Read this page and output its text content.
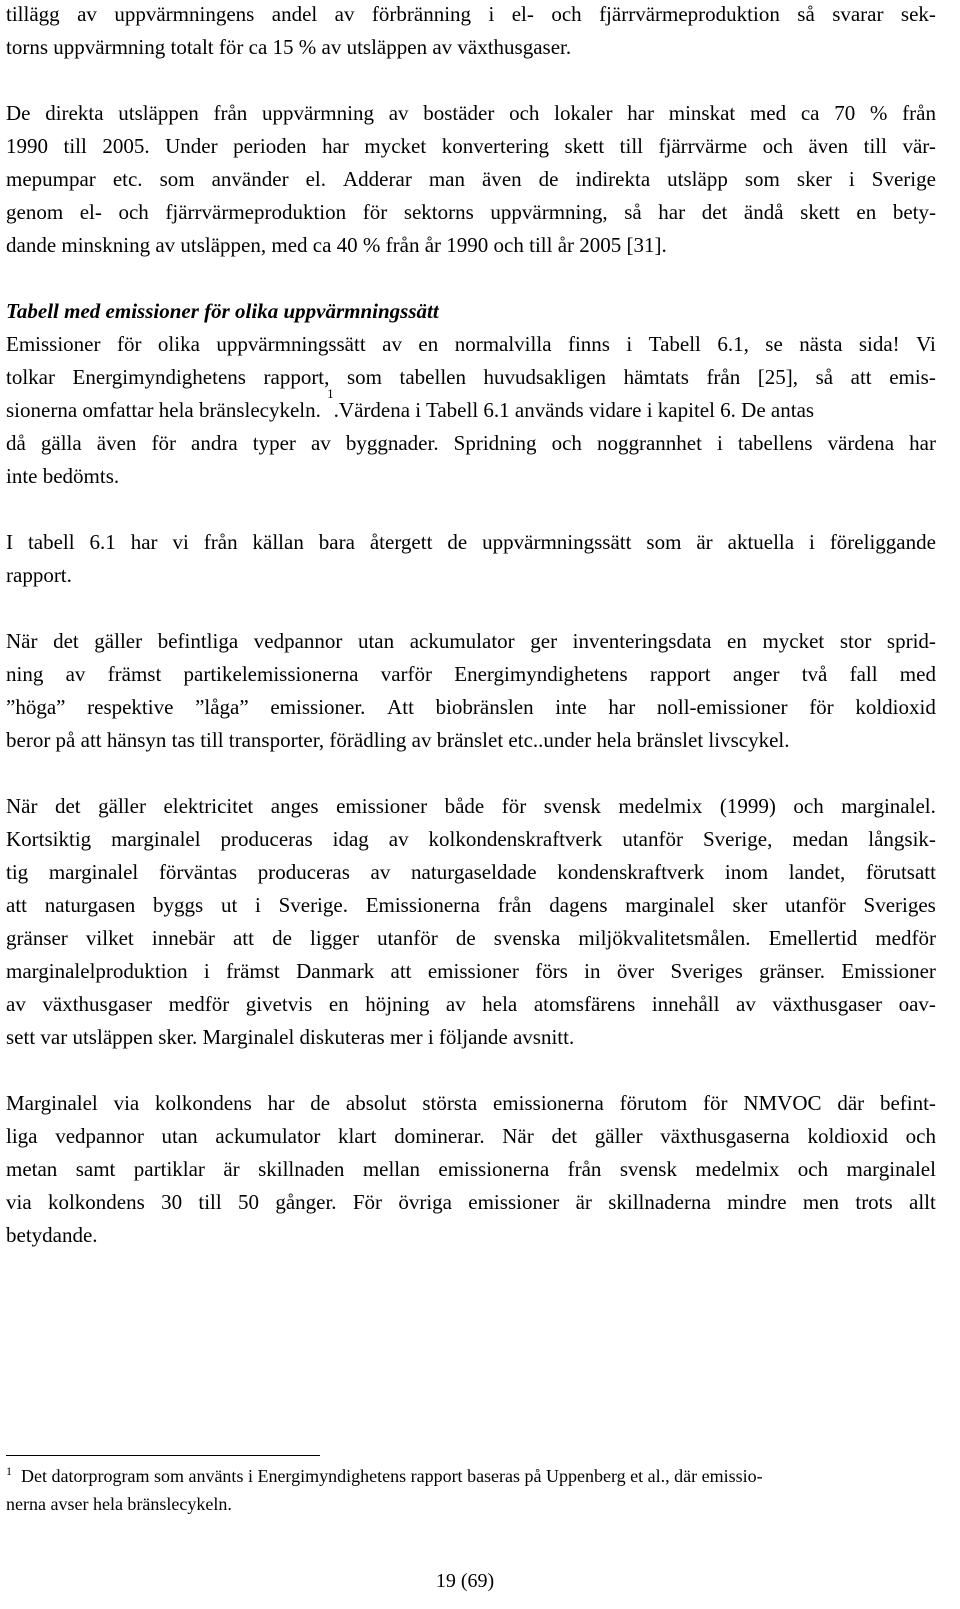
tillägg av uppvärmningens andel av förbränning i el- och fjärrvärmeproduktion så svarar sek-
torns uppvärmning totalt för ca 15 % av utsläppen av växthusgaser.
De direkta utsläppen från uppvärmning av bostäder och lokaler har minskat med ca 70 % från
1990 till 2005. Under perioden har mycket konvertering skett till fjärrvärme och även till vär-
mepumpar etc. som använder el. Adderar man även de indirekta utsläpp som sker i Sverige
genom el- och fjärrvärmeproduktion för sektorns uppvärmning, så har det ändå skett en bety-
dande minskning av utsläppen, med ca 40 % från år 1990 och till år 2005 [31].
Tabell med emissioner för olika uppvärmningssätt
Emissioner för olika uppvärmningssätt av en normalvilla finns i Tabell 6.1, se nästa sida! Vi
tolkar Energimyndighetens rapport, som tabellen huvudsakligen hämtats från [25], så att emis-
sionerna omfattar hela bränslecykeln.
1
.Värdena i Tabell 6.1 används vidare i kapitel 6. De antas
då gälla även för andra typer av byggnader. Spridning och noggrannhet i tabellens värdena har
inte bedömts.
I tabell 6.1 har vi från källan bara återgett de uppvärmningssätt som är aktuella i föreliggande
rapport.
När det gäller befintliga vedpannor utan ackumulator ger inventeringsdata en mycket stor sprid-
ning av främst partikelemissionerna varför Energimyndighetens rapport anger två fall med
”höga” respektive ”låga” emissioner. Att biobränslen inte har noll-emissioner för koldioxid
beror på att hänsyn tas till transporter, förädling av bränslet etc..under hela bränslet livscykel.
När det gäller elektricitet anges emissioner både för svensk medelmix (1999) och marginalel.
Kortsiktig marginalel produceras idag av kolkondenskraftverk utanför Sverige, medan långsik-
tig marginalel förväntas produceras av naturgaseldade kondenskraftverk inom landet, förutsatt
att naturgasen byggs ut i Sverige. Emissionerna från dagens marginalel sker utanför Sveriges
gränser vilket innebär att de ligger utanför de svenska miljökvalitetsmålen. Emellertid medför
marginalelproduktion i främst Danmark att emissioner förs in över Sveriges gränser. Emissioner
av växthusgaser medför givetvis en höjning av hela atomsfärens innehåll av växthusgaser oav-
sett var utsläppen sker. Marginalel diskuteras mer i följande avsnitt.
Marginalel via kolkondens har de absolut största emissionerna förutom för NMVOC där befint-
liga vedpannor utan ackumulator klart dominerar. När det gäller växthusgaserna koldioxid och
metan samt partiklar är skillnaden mellan emissionerna från svensk medelmix och marginalel
via kolkondens 30 till 50 gånger. För övriga emissioner är skillnaderna mindre men trots allt
betydande.
$^1$ Det datorprogram som använts i Energimyndighetens rapport baseras på Uppenberg et al., där emissio-
nerna avser hela bränslecykeln.
19 (69)
